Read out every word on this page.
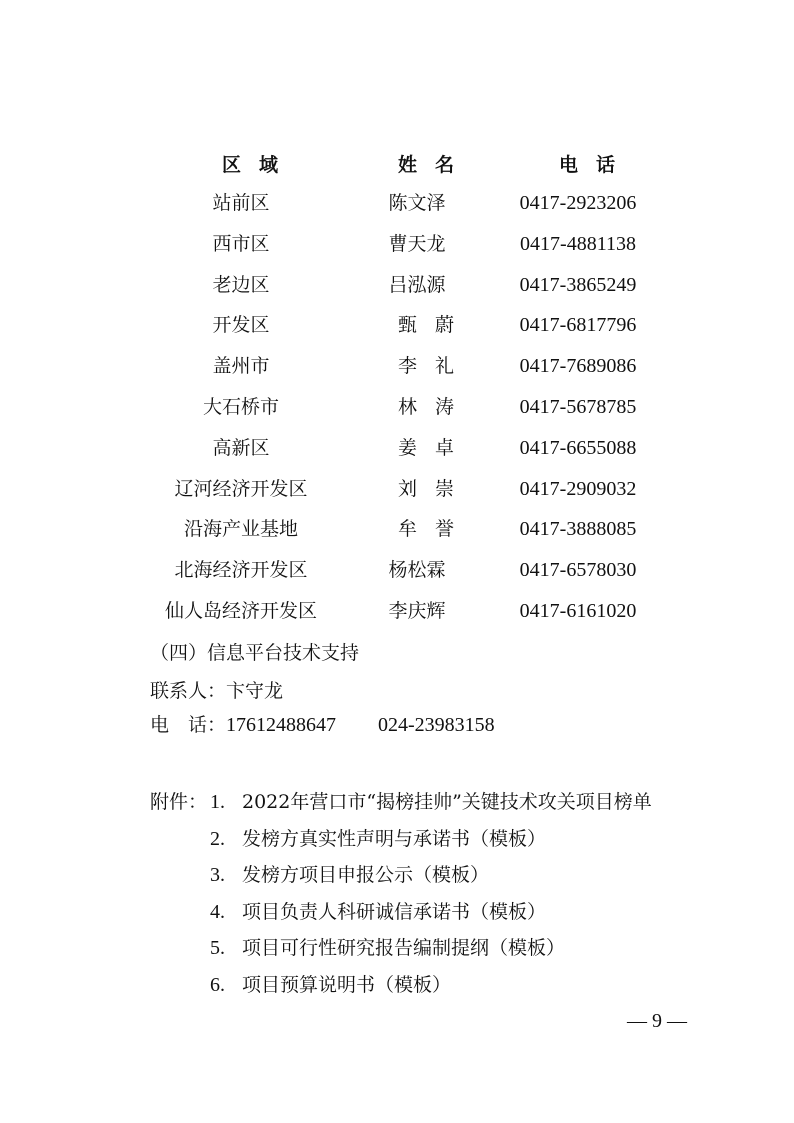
区域	姓名	电话
站前区	陈文泽	0417-2923206
西市区	曹天龙	0417-4881138
老边区	吕泓源	0417-3865249
开发区	甄蔚	0417-6817796
盖州市	李礼	0417-7689086
大石桥市	林涛	0417-5678785
高新区	姜卓	0417-6655088
辽河经济开发区	刘崇	0417-2909032
沿海产业基地	牟誉	0417-3888085
北海经济开发区	杨松霖	0417-6578030
仙人岛经济开发区	李庆辉	0417-6161020
（四）信息平台技术支持
联系人：卞守龙
电　话：17612488647 024-23983158
附件： 1. 2022年营口市“揭榜挂帅”关键技术攻关项目榜单
2. 发榜方真实性声明与承诺书（模板）
3. 发榜方项目申报公示（模板）
4. 项目负责人科研诚信承诺书（模板）
5. 项目可行性研究报告编制提纲（模板）
6. 项目预算说明书（模板）
— 9 —
